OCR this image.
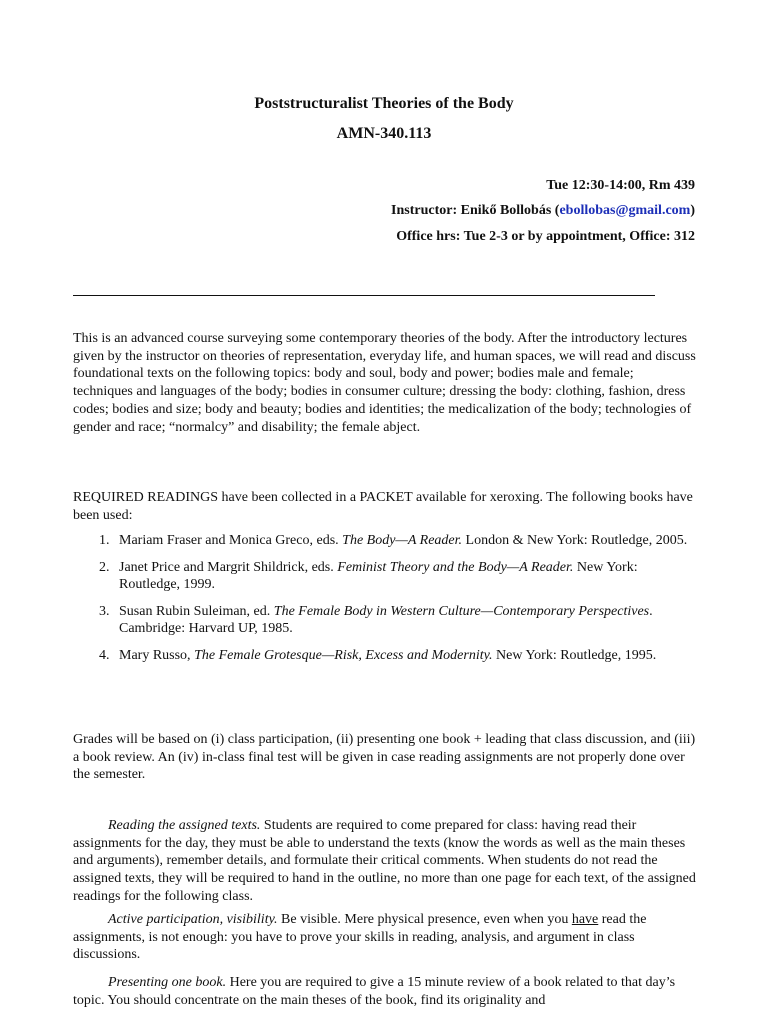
Poststructuralist Theories of the Body
AMN-340.113
Tue 12:30-14:00, Rm 439
Instructor: Enikő Bollobás (ebollobas@gmail.com)
Office hrs: Tue 2-3 or by appointment, Office: 312
This is an advanced course surveying some contemporary theories of the body. After the introductory lectures given by the instructor on theories of representation, everyday life, and human spaces, we will read and discuss foundational texts on the following topics: body and soul, body and power; bodies male and female; techniques and languages of the body; bodies in consumer culture; dressing the body: clothing, fashion, dress codes; bodies and size; body and beauty; bodies and identities; the medicalization of the body; technologies of gender and race; “normalcy” and disability; the female abject.
REQUIRED READINGS have been collected in a PACKET available for xeroxing. The following books have been used:
1. Mariam Fraser and Monica Greco, eds. The Body—A Reader. London & New York: Routledge, 2005.
2. Janet Price and Margrit Shildrick, eds. Feminist Theory and the Body—A Reader. New York: Routledge, 1999.
3. Susan Rubin Suleiman, ed. The Female Body in Western Culture—Contemporary Perspectives. Cambridge: Harvard UP, 1985.
4. Mary Russo, The Female Grotesque—Risk, Excess and Modernity. New York: Routledge, 1995.
Grades will be based on (i) class participation, (ii) presenting one book + leading that class discussion, and (iii) a book review. An (iv) in-class final test will be given in case reading assignments are not properly done over the semester.
Reading the assigned texts. Students are required to come prepared for class: having read their assignments for the day, they must be able to understand the texts (know the words as well as the main theses and arguments), remember details, and formulate their critical comments. When students do not read the assigned texts, they will be required to hand in the outline, no more than one page for each text, of the assigned readings for the following class.
Active participation, visibility. Be visible. Mere physical presence, even when you have read the assignments, is not enough: you have to prove your skills in reading, analysis, and argument in class discussions.
Presenting one book. Here you are required to give a 15 minute review of a book related to that day’s topic. You should concentrate on the main theses of the book, find its originality and
